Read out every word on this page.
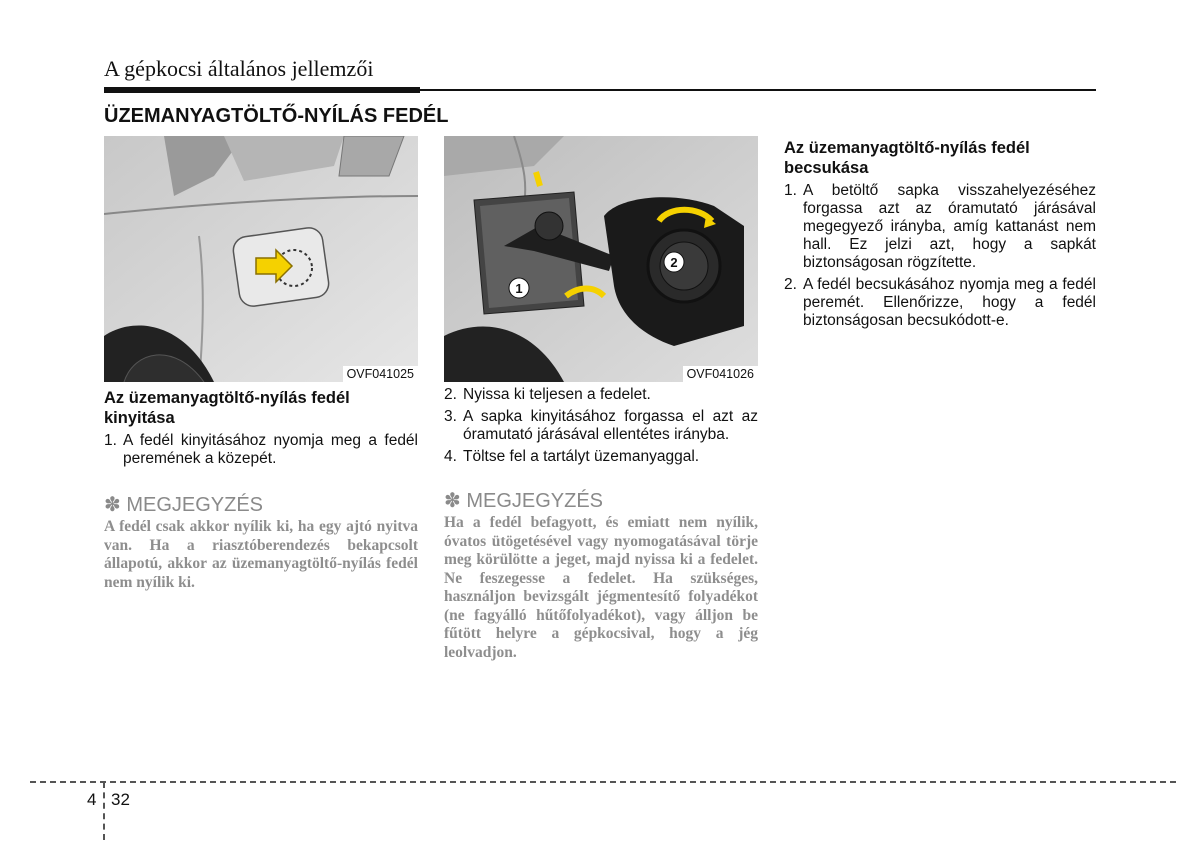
A gépkocsi általános jellemzői
ÜZEMANYAGTÖLTŐ-NYÍLÁS FEDÉL
OVF041025
1
2
OVF041026
Az üzemanyagtöltő-nyílás fedél kinyitása
1. A fedél kinyitásához nyomja meg a fedél peremének a közepét.
✽ MEGJEGYZÉS
A fedél csak akkor nyílik ki, ha egy ajtó nyitva van. Ha a riasztóberendezés bekapcsolt állapotú, akkor az üzemanyagtöltő-nyílás fedél nem nyílik ki.
2. Nyissa ki teljesen a fedelet.
3. A sapka kinyitásához forgassa el azt az óramutató járásával ellentétes irányba.
4. Töltse fel a tartályt üzemanyaggal.
✽ MEGJEGYZÉS
Ha a fedél befagyott, és emiatt nem nyílik, óvatos ütögetésével vagy nyomogatásával törje meg körülötte a jeget, majd nyissa ki a fedelet. Ne feszegesse a fedelet. Ha szükséges, használjon bevizsgált jégmentesítő folyadékot (ne fagyálló hűtőfolyadékot), vagy álljon be fűtött helyre a gépkocsival, hogy a jég leolvadjon.
Az üzemanyagtöltő-nyílás fedél becsukása
1. A betöltő sapka visszahelyezéséhez forgassa azt az óramutató járásával megegyező irányba, amíg kattanást nem hall. Ez jelzi azt, hogy a sapkát biztonságosan rögzítette.
2. A fedél becsukásához nyomja meg a fedél peremét. Ellenőrizze, hogy a fedél biztonságosan becsukódott-e.
4 32
